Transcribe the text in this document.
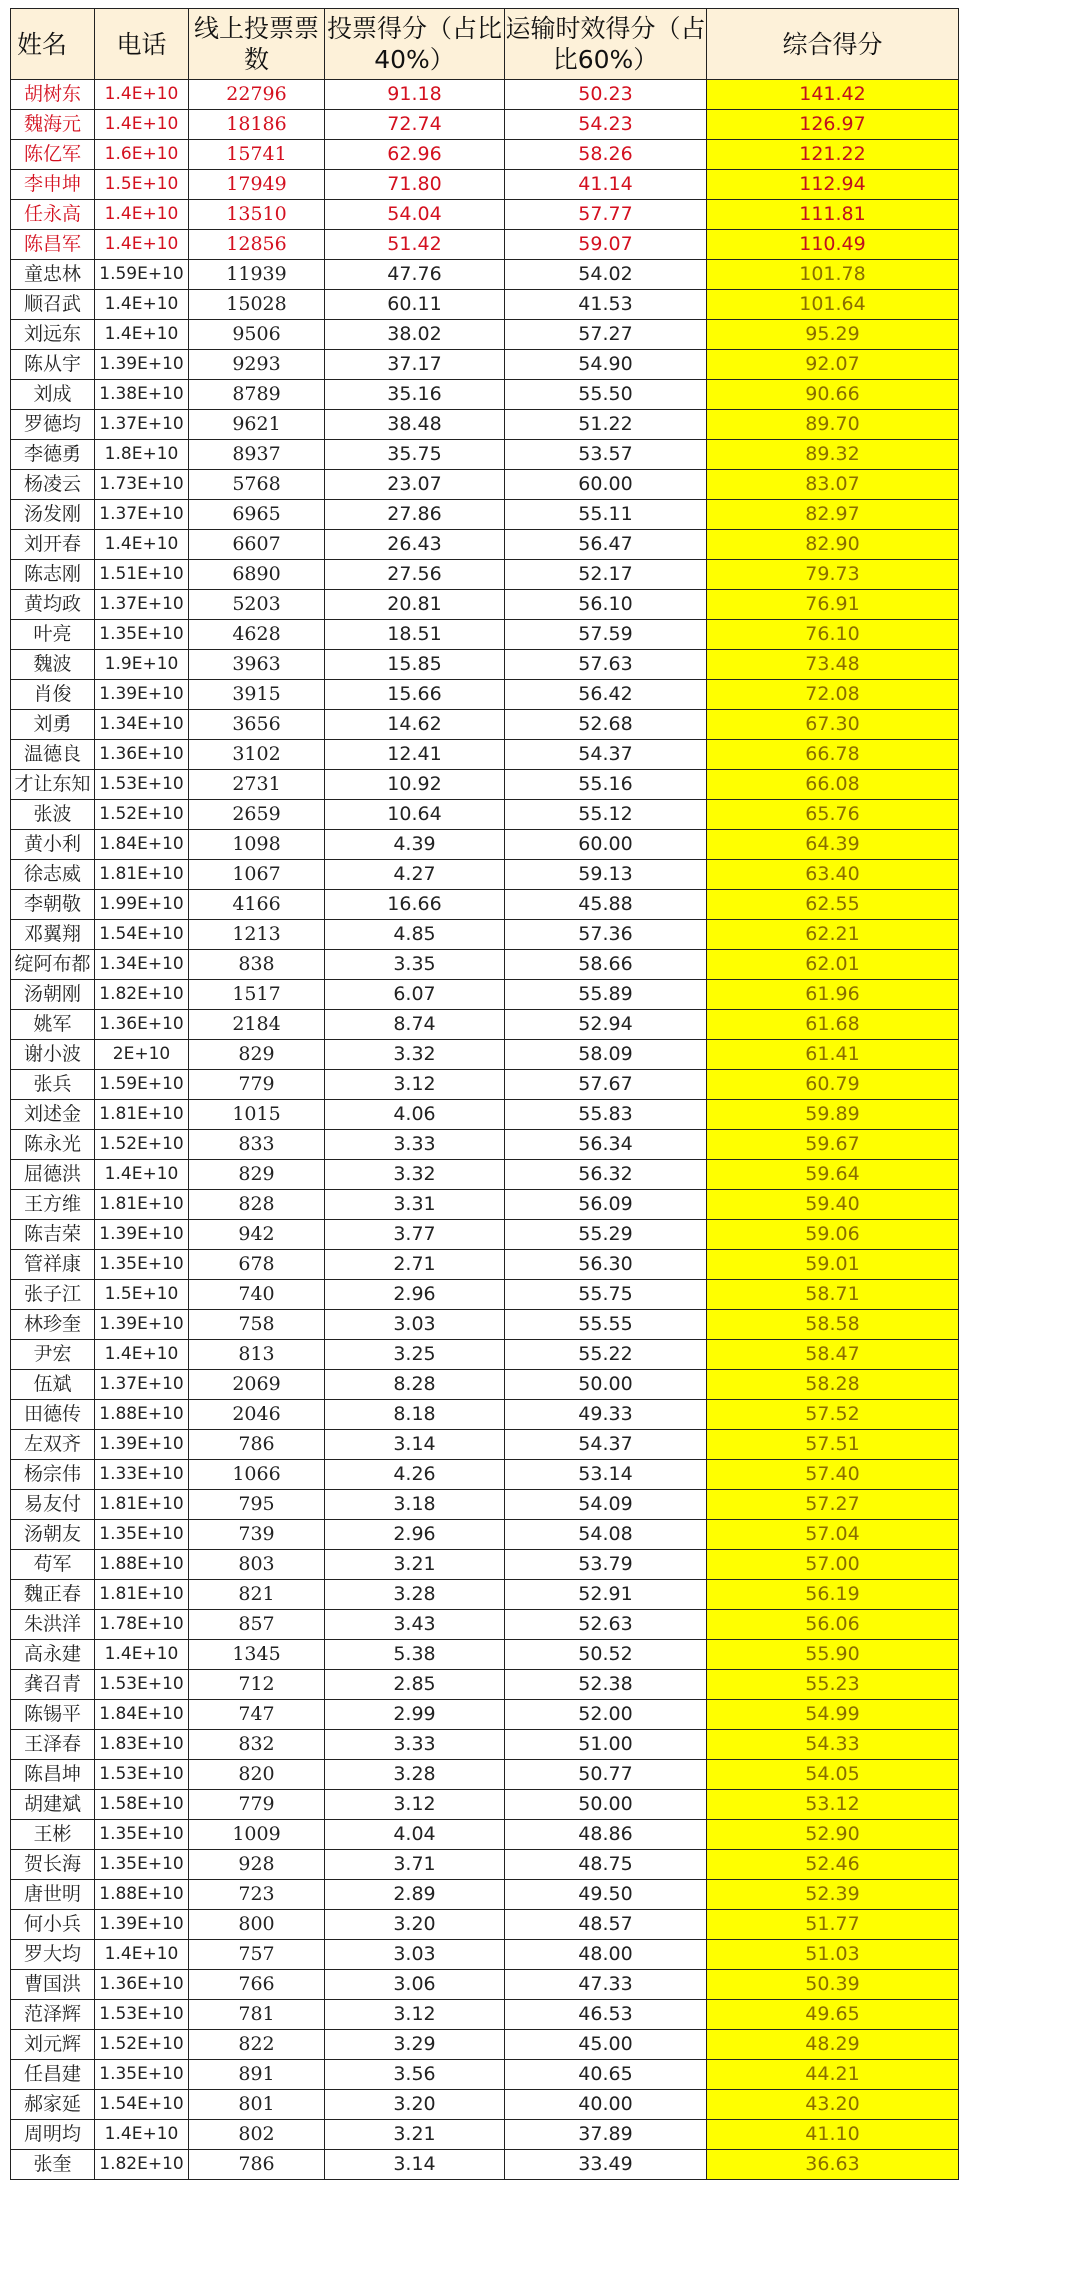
姓名	电话	线上投票票数	投票得分（占比40%）	运输时效得分（占比60%）	综合得分
胡树东	1.4E+10	22796	91.18	50.23	141.42
魏海元	1.4E+10	18186	72.74	54.23	126.97
陈亿军	1.6E+10	15741	62.96	58.26	121.22
李申坤	1.5E+10	17949	71.80	41.14	112.94
任永高	1.4E+10	13510	54.04	57.77	111.81
陈昌军	1.4E+10	12856	51.42	59.07	110.49
童忠林	1.59E+10	11939	47.76	54.02	101.78
顺召武	1.4E+10	15028	60.11	41.53	101.64
刘远东	1.4E+10	9506	38.02	57.27	95.29
陈从宇	1.39E+10	9293	37.17	54.90	92.07
刘成	1.38E+10	8789	35.16	55.50	90.66
罗德均	1.37E+10	9621	38.48	51.22	89.70
李德勇	1.8E+10	8937	35.75	53.57	89.32
杨凌云	1.73E+10	5768	23.07	60.00	83.07
汤发刚	1.37E+10	6965	27.86	55.11	82.97
刘开春	1.4E+10	6607	26.43	56.47	82.90
陈志刚	1.51E+10	6890	27.56	52.17	79.73
黄均政	1.37E+10	5203	20.81	56.10	76.91
叶亮	1.35E+10	4628	18.51	57.59	76.10
魏波	1.9E+10	3963	15.85	57.63	73.48
肖俊	1.39E+10	3915	15.66	56.42	72.08
刘勇	1.34E+10	3656	14.62	52.68	67.30
温德良	1.36E+10	3102	12.41	54.37	66.78
才让东知	1.53E+10	2731	10.92	55.16	66.08
张波	1.52E+10	2659	10.64	55.12	65.76
黄小利	1.84E+10	1098	4.39	60.00	64.39
徐志威	1.81E+10	1067	4.27	59.13	63.40
李朝敬	1.99E+10	4166	16.66	45.88	62.55
邓翼翔	1.54E+10	1213	4.85	57.36	62.21
绽阿布都	1.34E+10	838	3.35	58.66	62.01
汤朝刚	1.82E+10	1517	6.07	55.89	61.96
姚军	1.36E+10	2184	8.74	52.94	61.68
谢小波	2E+10	829	3.32	58.09	61.41
张兵	1.59E+10	779	3.12	57.67	60.79
刘述金	1.81E+10	1015	4.06	55.83	59.89
陈永光	1.52E+10	833	3.33	56.34	59.67
屈德洪	1.4E+10	829	3.32	56.32	59.64
王方维	1.81E+10	828	3.31	56.09	59.40
陈吉荣	1.39E+10	942	3.77	55.29	59.06
管祥康	1.35E+10	678	2.71	56.30	59.01
张子江	1.5E+10	740	2.96	55.75	58.71
林珍奎	1.39E+10	758	3.03	55.55	58.58
尹宏	1.4E+10	813	3.25	55.22	58.47
伍斌	1.37E+10	2069	8.28	50.00	58.28
田德传	1.88E+10	2046	8.18	49.33	57.52
左双齐	1.39E+10	786	3.14	54.37	57.51
杨宗伟	1.33E+10	1066	4.26	53.14	57.40
易友付	1.81E+10	795	3.18	54.09	57.27
汤朝友	1.35E+10	739	2.96	54.08	57.04
苟军	1.88E+10	803	3.21	53.79	57.00
魏正春	1.81E+10	821	3.28	52.91	56.19
朱洪洋	1.78E+10	857	3.43	52.63	56.06
高永建	1.4E+10	1345	5.38	50.52	55.90
龚召青	1.53E+10	712	2.85	52.38	55.23
陈锡平	1.84E+10	747	2.99	52.00	54.99
王泽春	1.83E+10	832	3.33	51.00	54.33
陈昌坤	1.53E+10	820	3.28	50.77	54.05
胡建斌	1.58E+10	779	3.12	50.00	53.12
王彬	1.35E+10	1009	4.04	48.86	52.90
贺长海	1.35E+10	928	3.71	48.75	52.46
唐世明	1.88E+10	723	2.89	49.50	52.39
何小兵	1.39E+10	800	3.20	48.57	51.77
罗大均	1.4E+10	757	3.03	48.00	51.03
曹国洪	1.36E+10	766	3.06	47.33	50.39
范泽辉	1.53E+10	781	3.12	46.53	49.65
刘元辉	1.52E+10	822	3.29	45.00	48.29
任昌建	1.35E+10	891	3.56	40.65	44.21
郝家延	1.54E+10	801	3.20	40.00	43.20
周明均	1.4E+10	802	3.21	37.89	41.10
张奎	1.82E+10	786	3.14	33.49	36.63
